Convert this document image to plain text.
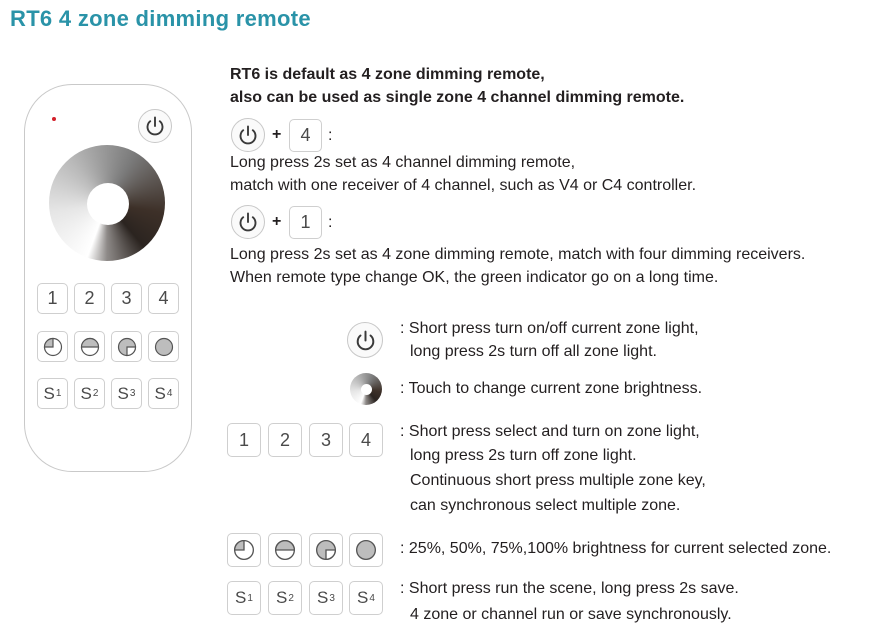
RT6 4 zone dimming remote
1	2	3	4
S 1 S 2 S 3 S 4
RT6 is default as 4 zone dimming remote,
also can be used as single zone 4 channel dimming remote.
+	4	:
Long press 2s set as 4 channel dimming remote,
match with one receiver of 4 channel, such as V4 or C4 controller.
+	1	:
Long press 2s set as 4 zone dimming remote, match with four dimming receivers.
When remote type change OK, the green indicator go on a long time.
: Short press turn on/off current zone light,
long press 2s turn off all zone light.
: Touch to change current zone brightness.
1	2	3	4	: Short press select and turn on zone light,
long press 2s turn off zone light.
Continuous short press multiple zone key,
can synchronous select multiple zone.
: 25%, 50%, 75%,100% brightness for current selected zone.
S 1 S 2 S 3 S 4
: Short press run the scene, long press 2s save.
4 zone or channel run or save synchronously.
